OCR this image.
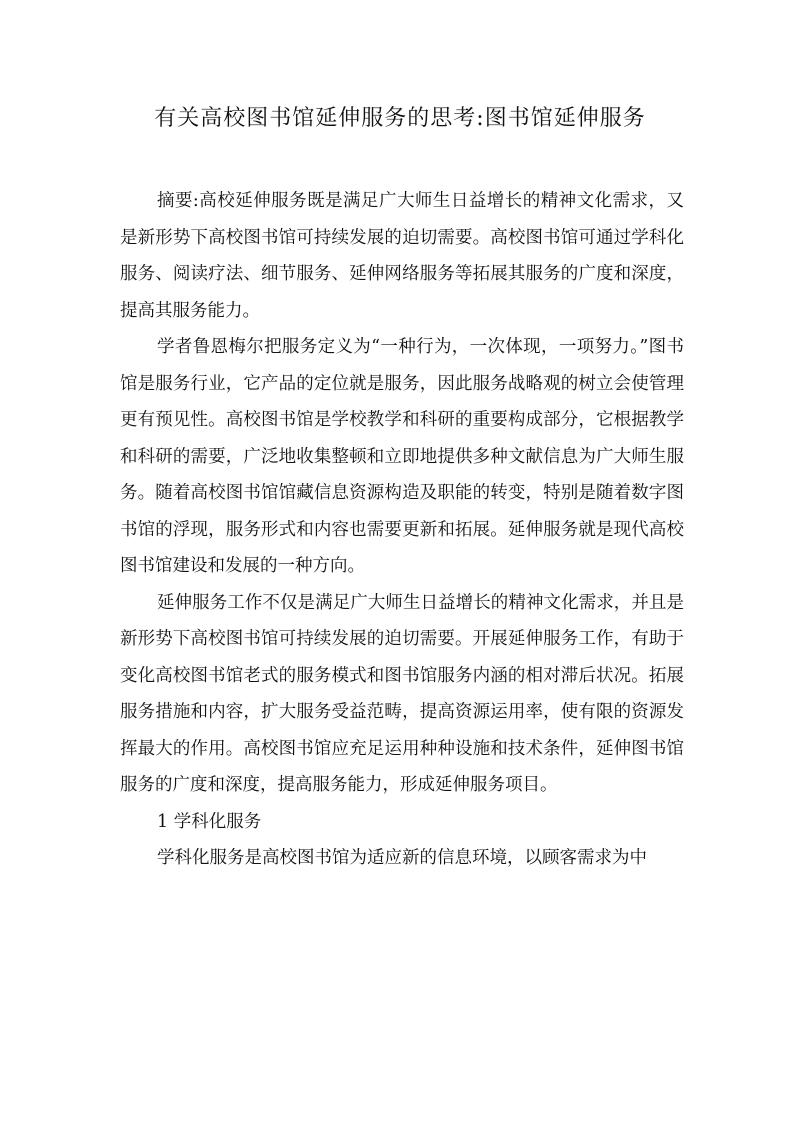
有关高校图书馆延伸服务的思考:图书馆延伸服务

摘要:高校延伸服务既是满足广大师生日益增长的精神文化需求，又是新形势下高校图书馆可持续发展的迫切需要。高校图书馆可通过学科化服务、阅读疗法、细节服务、延伸网络服务等拓展其服务的广度和深度，提高其服务能力。

学者鲁恩梅尔把服务定义为“一种行为，一次体现，一项努力。”图书馆是服务行业，它产品的定位就是服务，因此服务战略观的树立会使管理更有预见性。高校图书馆是学校教学和科研的重要构成部分，它根据教学和科研的需要，广泛地收集整顿和立即地提供多种文献信息为广大师生服务。随着高校图书馆馆藏信息资源构造及职能的转变，特别是随着数字图书馆的浮现，服务形式和内容也需要更新和拓展。延伸服务就是现代高校图书馆建设和发展的一种方向。

延伸服务工作不仅是满足广大师生日益增长的精神文化需求，并且是新形势下高校图书馆可持续发展的迫切需要。开展延伸服务工作，有助于变化高校图书馆老式的服务模式和图书馆服务内涵的相对滞后状况。拓展服务措施和内容，扩大服务受益范畴，提高资源运用率，使有限的资源发挥最大的作用。高校图书馆应充足运用种种设施和技术条件，延伸图书馆服务的广度和深度，提高服务能力，形成延伸服务项目。

1 学科化服务

学科化服务是高校图书馆为适应新的信息环境，以顾客需求为中
